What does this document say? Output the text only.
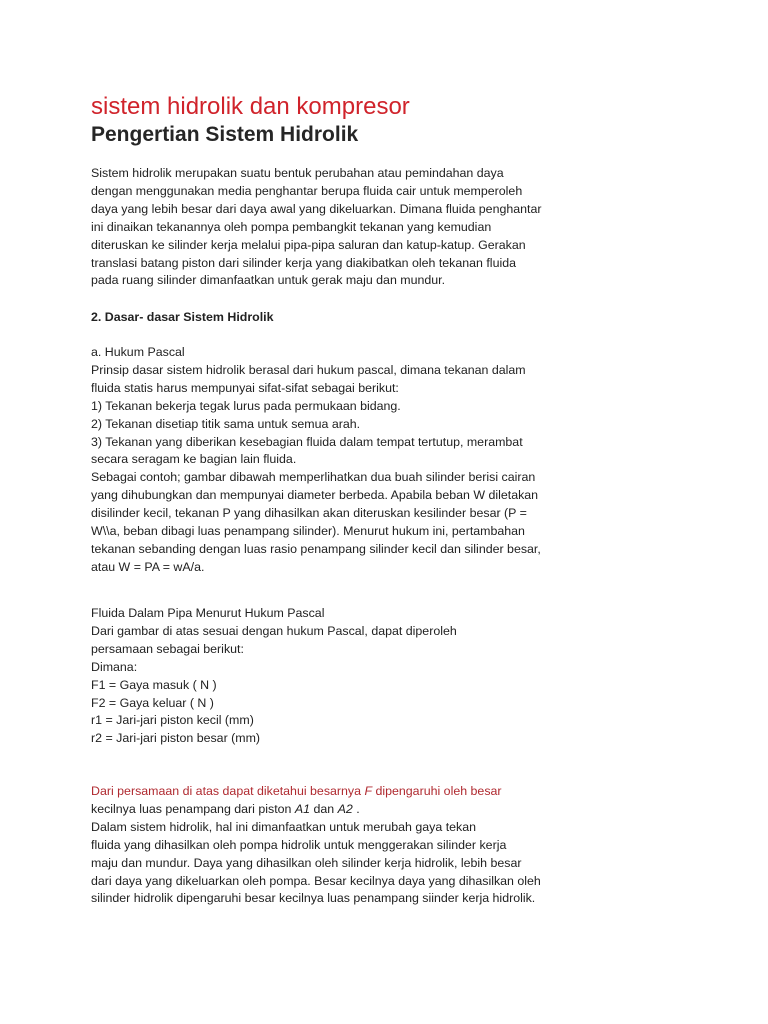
sistem hidrolik dan kompresor
Pengertian Sistem Hidrolik
Sistem hidrolik merupakan suatu bentuk perubahan atau pemindahan daya
dengan menggunakan media penghantar berupa fluida cair untuk memperoleh
daya yang lebih besar dari daya awal yang dikeluarkan. Dimana fluida penghantar
ini dinaikan tekanannya oleh pompa pembangkit tekanan yang kemudian
diteruskan ke silinder kerja melalui pipa-pipa saluran dan katup-katup. Gerakan
translasi batang piston dari silinder kerja yang diakibatkan oleh tekanan fluida
pada ruang silinder dimanfaatkan untuk gerak maju dan mundur.
2. Dasar- dasar Sistem Hidrolik
a. Hukum Pascal
Prinsip dasar sistem hidrolik berasal dari hukum pascal, dimana tekanan dalam
fluida statis harus mempunyai sifat-sifat sebagai berikut:
1) Tekanan bekerja tegak lurus pada permukaan bidang.
2) Tekanan disetiap titik sama untuk semua arah.
3) Tekanan yang diberikan kesebagian fluida dalam tempat tertutup, merambat
secara seragam ke bagian lain fluida.
Sebagai contoh; gambar dibawah memperlihatkan dua buah silinder berisi cairan
yang dihubungkan dan mempunyai diameter berbeda. Apabila beban W diletakan
disilinder kecil, tekanan P yang dihasilkan akan diteruskan kesilinder besar (P =
W\\a, beban dibagi luas penampang silinder). Menurut hukum ini, pertambahan
tekanan sebanding dengan luas rasio penampang silinder kecil dan silinder besar,
atau W = PA = wA/a.
Fluida Dalam Pipa Menurut Hukum Pascal
Dari gambar di atas sesuai dengan hukum Pascal, dapat diperoleh
persamaan sebagai berikut:
Dimana:
F1 = Gaya masuk ( N )
F2 = Gaya keluar ( N )
r1 = Jari-jari piston kecil (mm)
r2 = Jari-jari piston besar (mm)
Dari persamaan di atas dapat diketahui besarnya F dipengaruhi oleh besar
kecilnya luas penampang dari piston A1 dan A2 .
Dalam sistem hidrolik, hal ini dimanfaatkan untuk merubah gaya tekan
fluida yang dihasilkan oleh pompa hidrolik untuk menggerakan silinder kerja
maju dan mundur. Daya yang dihasilkan oleh silinder kerja hidrolik, lebih besar
dari daya yang dikeluarkan oleh pompa. Besar kecilnya daya yang dihasilkan oleh
silinder hidrolik dipengaruhi besar kecilnya luas penampang siinder kerja hidrolik.
